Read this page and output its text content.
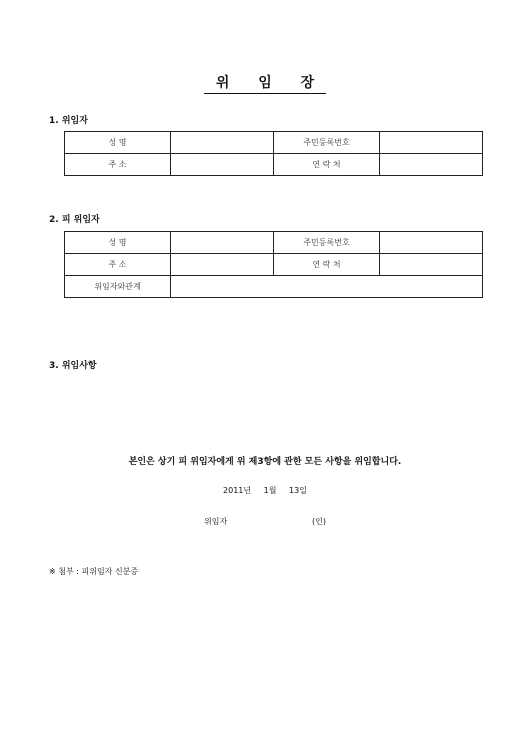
위 임 장
1. 위임자
성 명		주민등록번호	
주 소		연 락 처	
2. 피 위임자
성 명		주민등록번호	
주 소		연 락 처	
위임자와관계			
3. 위임사항
본인은 상기 피 위임자에게 위 제3항에 관한 모든 사항을 위임합니다.
2011년 1월 13일
위임자	(인)
※ 첨부 : 피위임자 신분증
